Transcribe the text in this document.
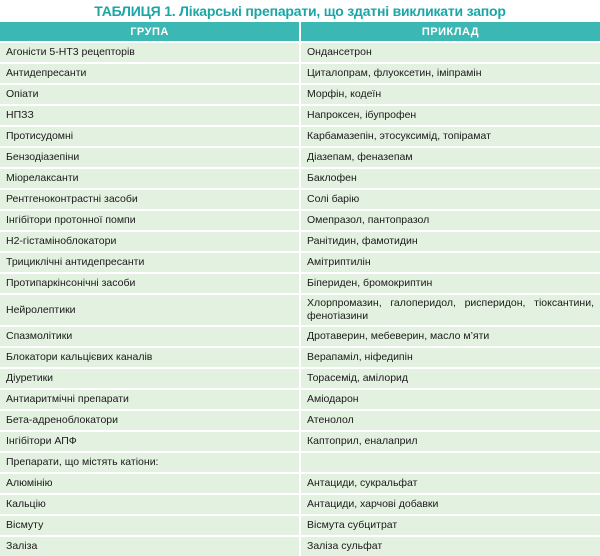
ТАБЛИЦЯ 1. Лікарські препарати, що здатні викликати запор
ГРУПА	ПРИКЛАД
Агоністи 5-НТ3 рецепторів	Ондансетрон
Антидепресанти	Циталопрам, флуоксетин, іміпрамін
Опіати	Морфін, кодеїн
НПЗЗ	Напроксен, ібупрофен
Протисудомні	Карбамазепін, этосуксимід, топірамат
Бензодіазепіни	Діазепам, феназепам
Міорелаксанти	Баклофен
Рентгеноконтрастні засоби	Солі барію
Інгібітори протонної помпи	Омепразол, пантопразол
Н2-гістаміноблокатори	Ранітидин, фамотидин
Трициклічні антидепресанти	Амітриптилін
Протипаркінсонічні засоби	Біпериден, бромокриптин
Нейролептики	Хлорпромазин, галоперидол, рисперидон, тіоксантини, фенотіазини
Спазмолітики	Дротаверин, мебеверин, масло м’яти
Блокатори кальцієвих каналів	Верапаміл, ніфедипін
Діуретики	Торасемід, амілорид
Антиаритмічні препарати	Аміодарон
Бета-адреноблокатори	Атенолол
Інгібітори АПФ	Каптоприл, еналаприл
Препарати, що містять катіони:	
Алюмінію	Антациди, сукральфат
Кальцію	Антациди, харчові добавки
Вісмуту	Вісмута субцитрат
Заліза	Заліза сульфат
